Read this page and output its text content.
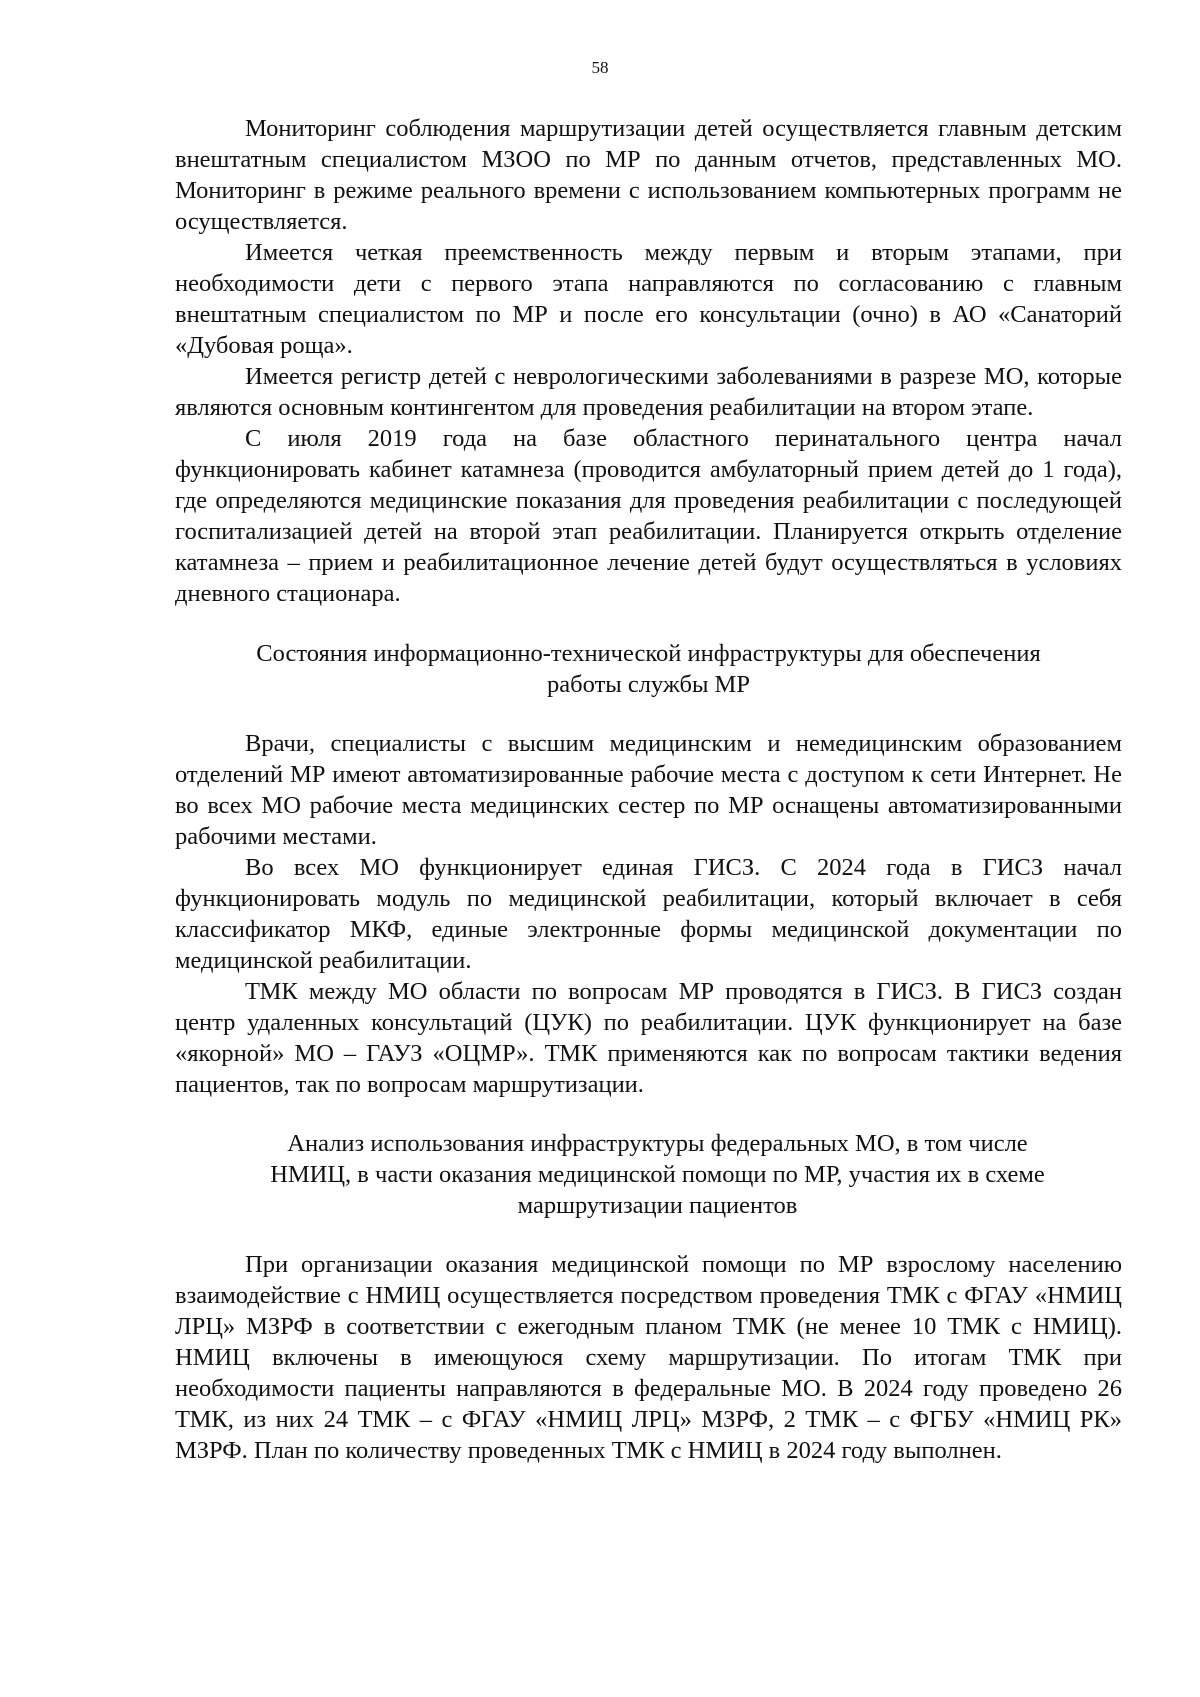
58

Мониторинг соблюдения маршрутизации детей осуществляется главным детским внештатным специалистом МЗОО по МР по данным отчетов, представленных МО. Мониторинг в режиме реального времени с использованием компьютерных программ не осуществляется.

Имеется четкая преемственность между первым и вторым этапами, при необходимости дети с первого этапа направляются по согласованию с главным внештатным специалистом по МР и после его консультации (очно) в АО «Санаторий «Дубовая роща».

Имеется регистр детей с неврологическими заболеваниями в разрезе МО, которые являются основным контингентом для проведения реабилитации на втором этапе.

С июля 2019 года на базе областного перинатального центра начал функционировать кабинет катамнеза (проводится амбулаторный прием детей до 1 года), где определяются медицинские показания для проведения реабилитации с последующей госпитализацией детей на второй этап реабилитации. Планируется открыть отделение катамнеза – прием и реабилитационное лечение детей будут осуществляться в условиях дневного стационара.

Состояния информационно-технической инфраструктуры для обеспечения
работы службы МР

Врачи, специалисты с высшим медицинским и немедицинским образованием отделений МР имеют автоматизированные рабочие места с доступом к сети Интернет. Не во всех МО рабочие места медицинских сестер по МР оснащены автоматизированными рабочими местами.

Во всех МО функционирует единая ГИСЗ. С 2024 года в ГИСЗ начал функционировать модуль по медицинской реабилитации, который включает в себя классификатор МКФ, единые электронные формы медицинской документации по медицинской реабилитации.

ТМК между МО области по вопросам МР проводятся в ГИСЗ. В ГИСЗ создан центр удаленных консультаций (ЦУК) по реабилитации. ЦУК функционирует на базе «якорной» МО – ГАУЗ «ОЦМР». ТМК применяются как по вопросам тактики ведения пациентов, так по вопросам маршрутизации.

Анализ использования инфраструктуры федеральных МО, в том числе
НМИЦ, в части оказания медицинской помощи по МР, участия их в схеме
маршрутизации пациентов

При организации оказания медицинской помощи по МР взрослому населению взаимодействие с НМИЦ осуществляется посредством проведения ТМК с ФГАУ «НМИЦ ЛРЦ» МЗРФ в соответствии с ежегодным планом ТМК (не менее 10 ТМК с НМИЦ). НМИЦ включены в имеющуюся схему маршрутизации. По итогам ТМК при необходимости пациенты направляются в федеральные МО. В 2024 году проведено 26 ТМК, из них 24 ТМК – с ФГАУ «НМИЦ ЛРЦ» МЗРФ, 2 ТМК – с ФГБУ «НМИЦ РК» МЗРФ. План по количеству проведенных ТМК с НМИЦ в 2024 году выполнен.
